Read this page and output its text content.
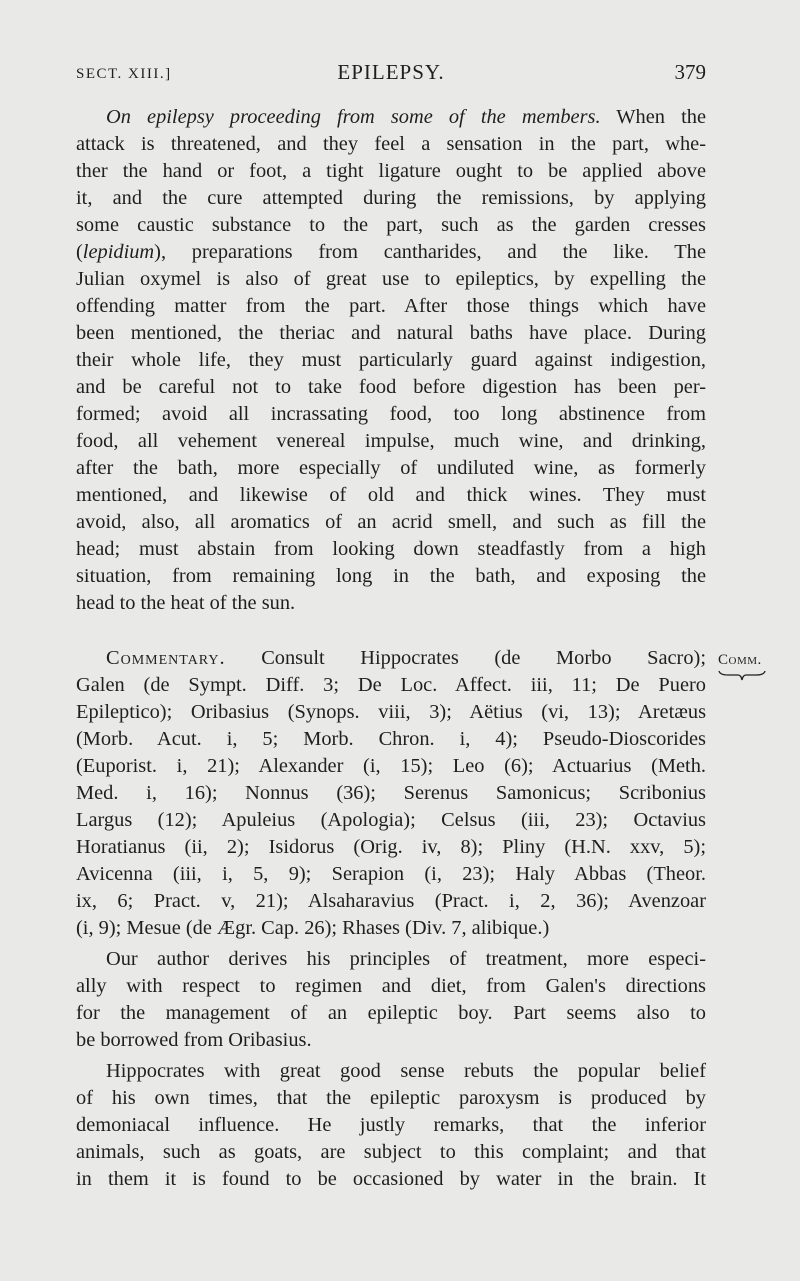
SECT. XIII.]	EPILEPSY.	379
On epilepsy proceeding from some of the members. When the
attack is threatened, and they feel a sensation in the part, whe-
ther the hand or foot, a tight ligature ought to be applied above
it, and the cure attempted during the remissions, by applying
some caustic substance to the part, such as the garden cresses
(lepidium), preparations from cantharides, and the like. The
Julian oxymel is also of great use to epileptics, by expelling the
offending matter from the part. After those things which have
been mentioned, the theriac and natural baths have place. During
their whole life, they must particularly guard against indigestion,
and be careful not to take food before digestion has been per-
formed; avoid all incrassating food, too long abstinence from
food, all vehement venereal impulse, much wine, and drinking,
after the bath, more especially of undiluted wine, as formerly
mentioned, and likewise of old and thick wines. They must
avoid, also, all aromatics of an acrid smell, and such as fill the
head; must abstain from looking down steadfastly from a high
situation, from remaining long in the bath, and exposing the
head to the heat of the sun.
Commentary. Consult Hippocrates (de Morbo Sacro);
Galen (de Sympt. Diff. 3; De Loc. Affect. iii, 11; De Puero
Epileptico); Oribasius (Synops. viii, 3); Aëtius (vi, 13); Aretæus
(Morb. Acut. i, 5; Morb. Chron. i, 4); Pseudo-Dioscorides
(Euporist. i, 21); Alexander (i, 15); Leo (6); Actuarius (Meth.
Med. i, 16); Nonnus (36); Serenus Samonicus; Scribonius
Largus (12); Apuleius (Apologia); Celsus (iii, 23); Octavius
Horatianus (ii, 2); Isidorus (Orig. iv, 8); Pliny (H.N. xxv, 5);
Avicenna (iii, i, 5, 9); Serapion (i, 23); Haly Abbas (Theor.
ix, 6; Pract. v, 21); Alsaharavius (Pract. i, 2, 36); Avenzoar
(i, 9); Mesue (de Ægr. Cap. 26); Rhases (Div. 7, alibique.)
Our author derives his principles of treatment, more especi-
ally with respect to regimen and diet, from Galen's directions
for the management of an epileptic boy. Part seems also to
be borrowed from Oribasius.
Hippocrates with great good sense rebuts the popular belief
of his own times, that the epileptic paroxysm is produced by
demoniacal influence. He justly remarks, that the inferior
animals, such as goats, are subject to this complaint; and that
in them it is found to be occasioned by water in the brain. It
Comm.
